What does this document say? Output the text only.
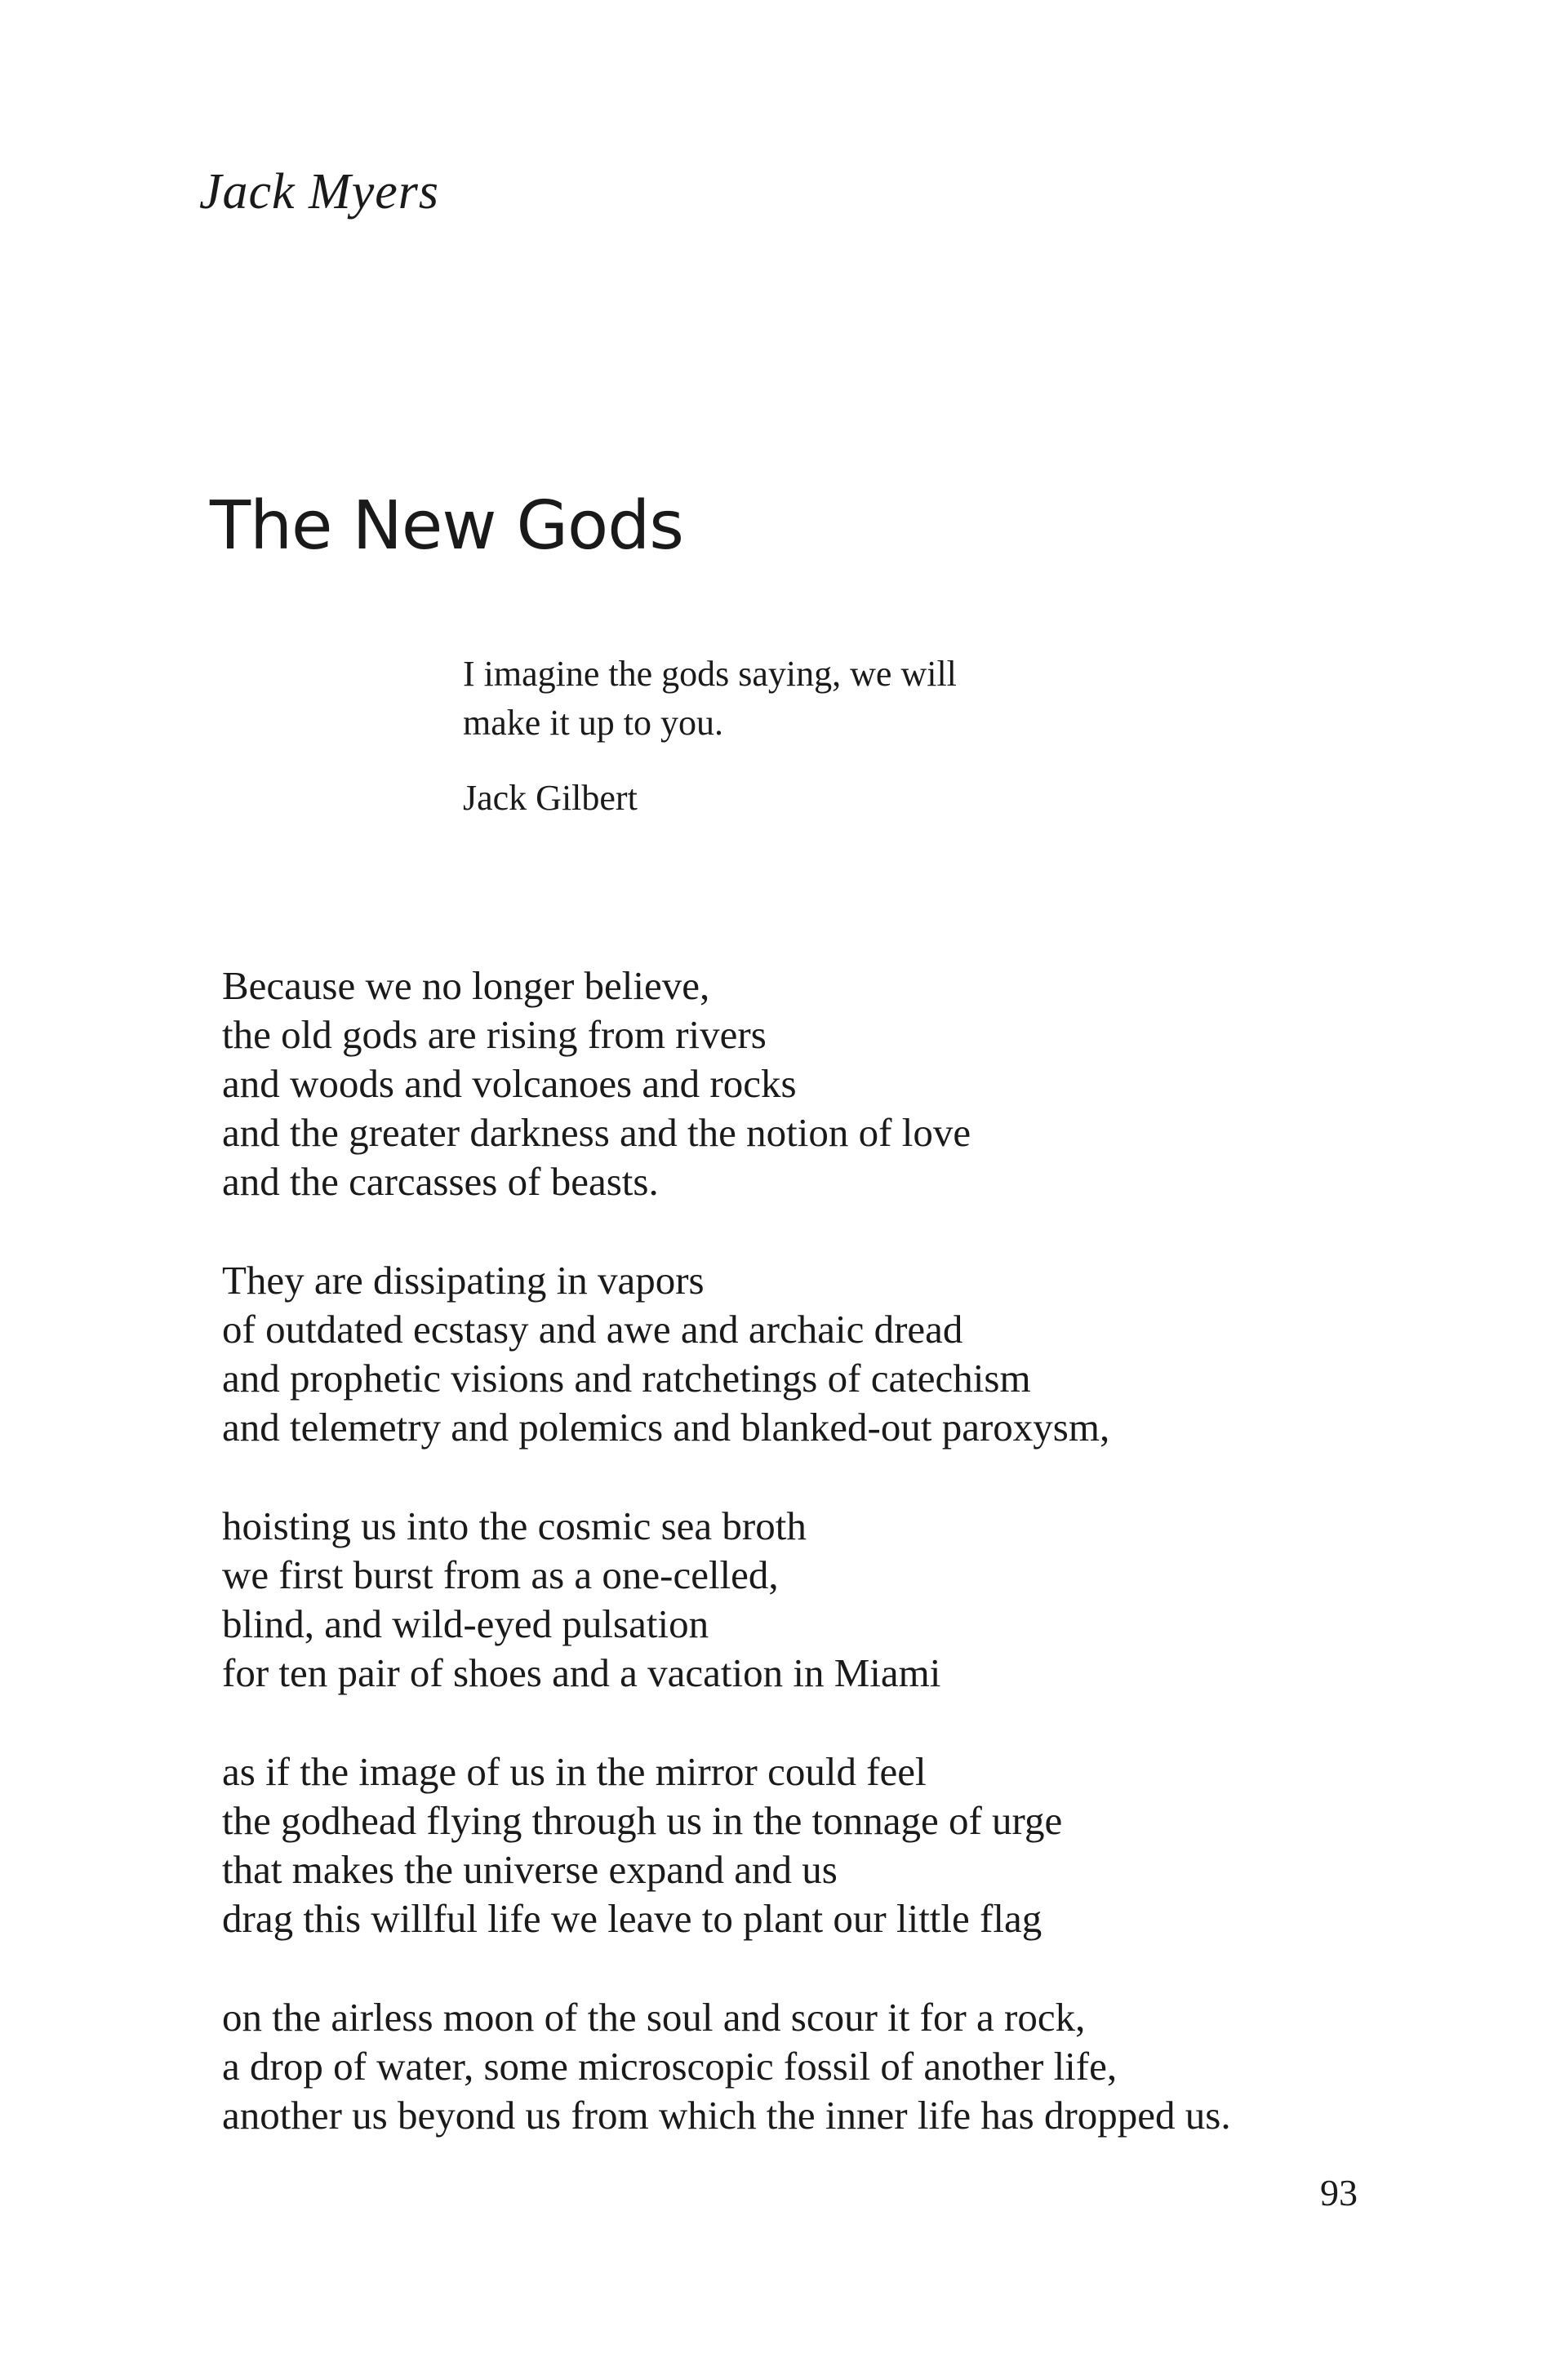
Jack Myers
The New Gods
I imagine the gods saying, we will
make it up to you.
Jack Gilbert
Because we no longer believe,
the old gods are rising from rivers
and woods and volcanoes and rocks
and the greater darkness and the notion of love
and the carcasses of beasts.
They are dissipating in vapors
of outdated ecstasy and awe and archaic dread
and prophetic visions and ratchetings of catechism
and telemetry and polemics and blanked-out paroxysm,
hoisting us into the cosmic sea broth
we first burst from as a one-celled,
blind, and wild-eyed pulsation
for ten pair of shoes and a vacation in Miami
as if the image of us in the mirror could feel
the godhead flying through us in the tonnage of urge
that makes the universe expand and us
drag this willful life we leave to plant our little flag
on the airless moon of the soul and scour it for a rock,
a drop of water, some microscopic fossil of another life,
another us beyond us from which the inner life has dropped us.
93
